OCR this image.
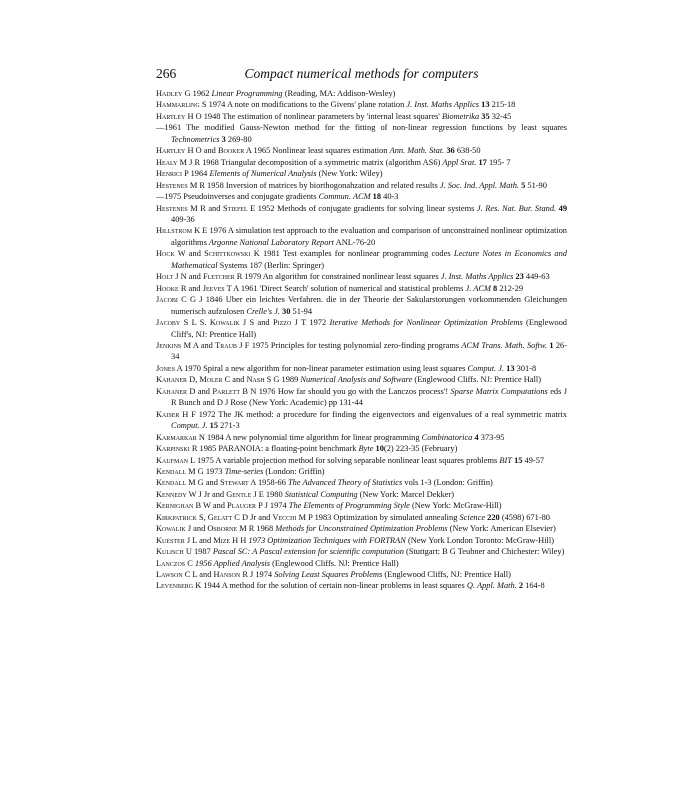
266	Compact numerical methods for computers
Hadley G 1962 Linear Programming (Reading, MA: Addison-Wesley)
Hammarling S 1974 A note on modifications to the Givens' plane rotation J. Inst. Maths Applics 13 215-18
Hartley H O 1948 The estimation of nonlinear parameters by 'internal least squares' Biometrika 35 32-45
—1961 The modified Gauss-Newton method for the fitting of non-linear regression functions by least squares Technometrics 3 269-80
Hartley H O and Booker A 1965 Nonlinear least squares estimation Ann. Math. Stat. 36 638-50
Healy M J R 1968 Triangular decomposition of a symmetric matrix (algorithm AS6) Appl Srat. 17 195- 7
Henrici P 1964 Elements of Numerical Analysis (New York: Wiley)
Hestenes M R 1958 Inversion of matrices by biorthogonahzation and related results J. Soc. Ind. Appl. Math. 5 51-90
—1975 Pseudoinverses and conjugate gradients Commun. ACM 18 40-3
Hestenes M R and Stiefel E 1952 Methods of conjugate gradients for solving linear systems J. Res. Nat. Bur. Stand. 49 409-36
Hillstrom K E 1976 A simulation test approach to the evaluation and comparison of unconstrained nonlinear optimization algorithms Argonne National Laboratory Report ANL-76-20
Hock W and Schittkowski K 1981 Test examples for nonlinear programming codes Lecture Notes in Economics and Mathematical Systems 187 (Berlin: Springer)
Holt J N and Fletcher R 1979 An algorithm for constrained nonlinear least squares J. Inst. Maths Applics 23 449-63
Hooke R and Jeeves T A 1961 'Direct Search' solution of numerical and statistical problems J. ACM 8 212-29
Jacobi C G J 1846 Uber ein leichtes Verfahren. die in der Theorie der Sakularstorungen vorkommenden Gleichungen numerisch aufzulosen Crelle's J. 30 51-94
Jacoby S L S. Kowalik J S and Pizzo J T 1972 Iterative Methods for Nonlinear Optimization Problems (Englewood Cliff's, NJ: Prentice Hall)
Jenkins M A and Traub J F 1975 Principles for testing polynomial zero-finding programs ACM Trans. Math. Softw. 1 26-34
Jones A 1970 Spiral a new algorithm for non-linear parameter estimation using least squares Comput. J. 13 301-8
Kahaner D, Moler C and Nash S G 1989 Numerical Analysis and Software (Englewood Cliffs. NJ: Prentice Hall)
Kahaner D and Parlett B N 1976 How far should you go with the Lanczos process'! Sparse Matrix Computations eds J R Bunch and D J Rose (New York: Academic) pp 131-44
Kaiser H F 1972 The JK method: a procedure for finding the eigenvectors and eigenvalues of a real symmetric matrix Comput. J. 15 271-3
Karmarkar N 1984 A new polynomial time algorithm for linear programming Combinatorica 4 373-95
Karpinski R 1985 PARANOIA: a floating-point benchmark Byte 10(2) 223-35 (February)
Kaufman L 1975 A variable projection method for solving separable nonlinear least squares problems BIT 15 49-57
Kendall M G 1973 Time-series (London: Griffin)
Kendall M G and Stewart A 1958-66 The Advanced Theory of Statistics vols 1-3 (London: Griffin)
Kennedy W J Jr and Gentle J E 1980 Statistical Computing (New York: Marcel Dekker)
Kernighan B W and Plauger P J 1974 The Elements of Programming Style (New York: McGraw-Hill)
Kirkpatrick S, Gelatt C D Jr and Vecchi M P 1983 Optimization by simulated annealing Science 220 (4598) 671-80
Kowalik J and Osborne M R 1968 Methods for Unconstrained Optimization Problems (New York: American Elsevier)
Kuester J L and Mize H H 1973 Optimization Techniques with FORTRAN (New York London Toronto: McGraw-Hill)
Kulisch U 1987 Pascal SC: A Pascal extension for scientific computation (Stuttgart: B G Teubner and Chichester: Wiley)
Lanczos C 1956 Applied Analysis (Englewood Cliffs. NJ: Prentice Hall)
Lawson C L and Hanson R J 1974 Solving Least Squares Problems (Englewood Cliffs, NJ: Prentice Hall)
Levenberg K 1944 A method for the solution of certain non-linear problems in least squares Q. Appl. Math. 2 164-8
